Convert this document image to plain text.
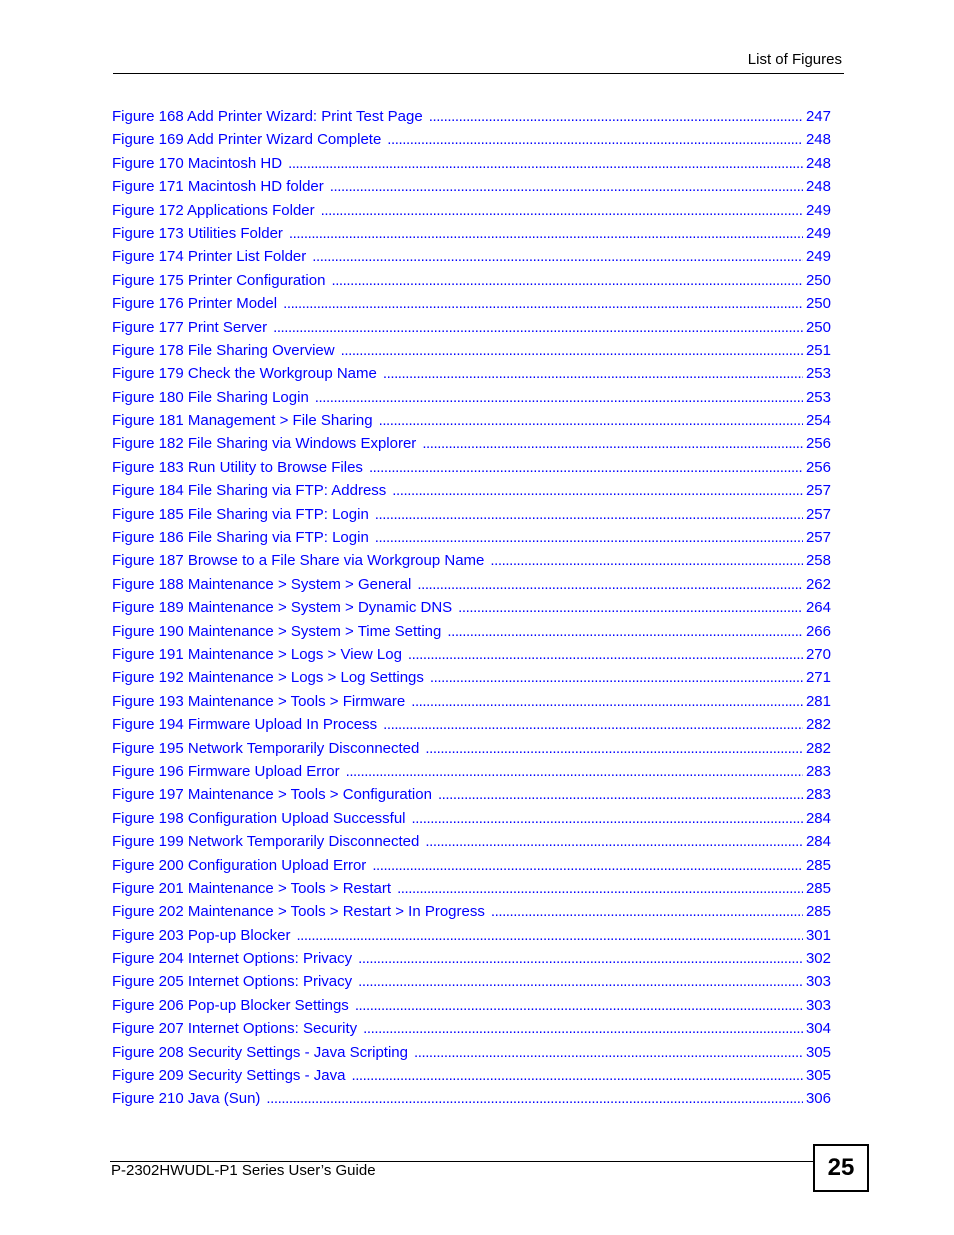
List of Figures
Figure 168 Add Printer Wizard: Print Test Page . . .	247
Figure 169 Add Printer Wizard Complete . . .	248
Figure 170 Macintosh HD . . .	248
Figure 171 Macintosh HD folder . . .	248
Figure 172 Applications Folder . . .	249
Figure 173 Utilities Folder . . .	249
Figure 174 Printer List Folder . . .	249
Figure 175 Printer Configuration . . .	250
Figure 176 Printer Model . . .	250
Figure 177 Print Server . . .	250
Figure 178 File Sharing Overview . . .	251
Figure 179 Check the Workgroup Name . . .	253
Figure 180 File Sharing Login . . .	253
Figure 181 Management > File Sharing . . .	254
Figure 182 File Sharing via Windows Explorer . . .	256
Figure 183 Run Utility to Browse Files . . .	256
Figure 184 File Sharing via FTP: Address . . .	257
Figure 185 File Sharing via FTP: Login . . .	257
Figure 186 File Sharing via FTP: Login . . .	257
Figure 187 Browse to a File Share via Workgroup Name . . .	258
Figure 188 Maintenance > System > General . . .	262
Figure 189 Maintenance > System > Dynamic DNS . . .	264
Figure 190 Maintenance > System > Time Setting . . .	266
Figure 191 Maintenance > Logs > View Log . . .	270
Figure 192 Maintenance > Logs > Log Settings . . .	271
Figure 193 Maintenance > Tools > Firmware . . .	281
Figure 194 Firmware Upload In Process . . .	282
Figure 195 Network Temporarily Disconnected . . .	282
Figure 196 Firmware Upload Error . . .	283
Figure 197 Maintenance > Tools > Configuration . . .	283
Figure 198 Configuration Upload Successful . . .	284
Figure 199 Network Temporarily Disconnected . . .	284
Figure 200 Configuration Upload Error . . .	285
Figure 201 Maintenance > Tools > Restart . . .	285
Figure 202 Maintenance > Tools > Restart > In Progress . . .	285
Figure 203 Pop-up Blocker . . .	301
Figure 204 Internet Options: Privacy . . .	302
Figure 205 Internet Options: Privacy . . .	303
Figure 206 Pop-up Blocker Settings . . .	303
Figure 207 Internet Options: Security . . .	304
Figure 208 Security Settings - Java Scripting . . .	305
Figure 209 Security Settings - Java . . .	305
Figure 210 Java (Sun) . . .	306
P-2302HWUDL-P1 Series User’s Guide	25
